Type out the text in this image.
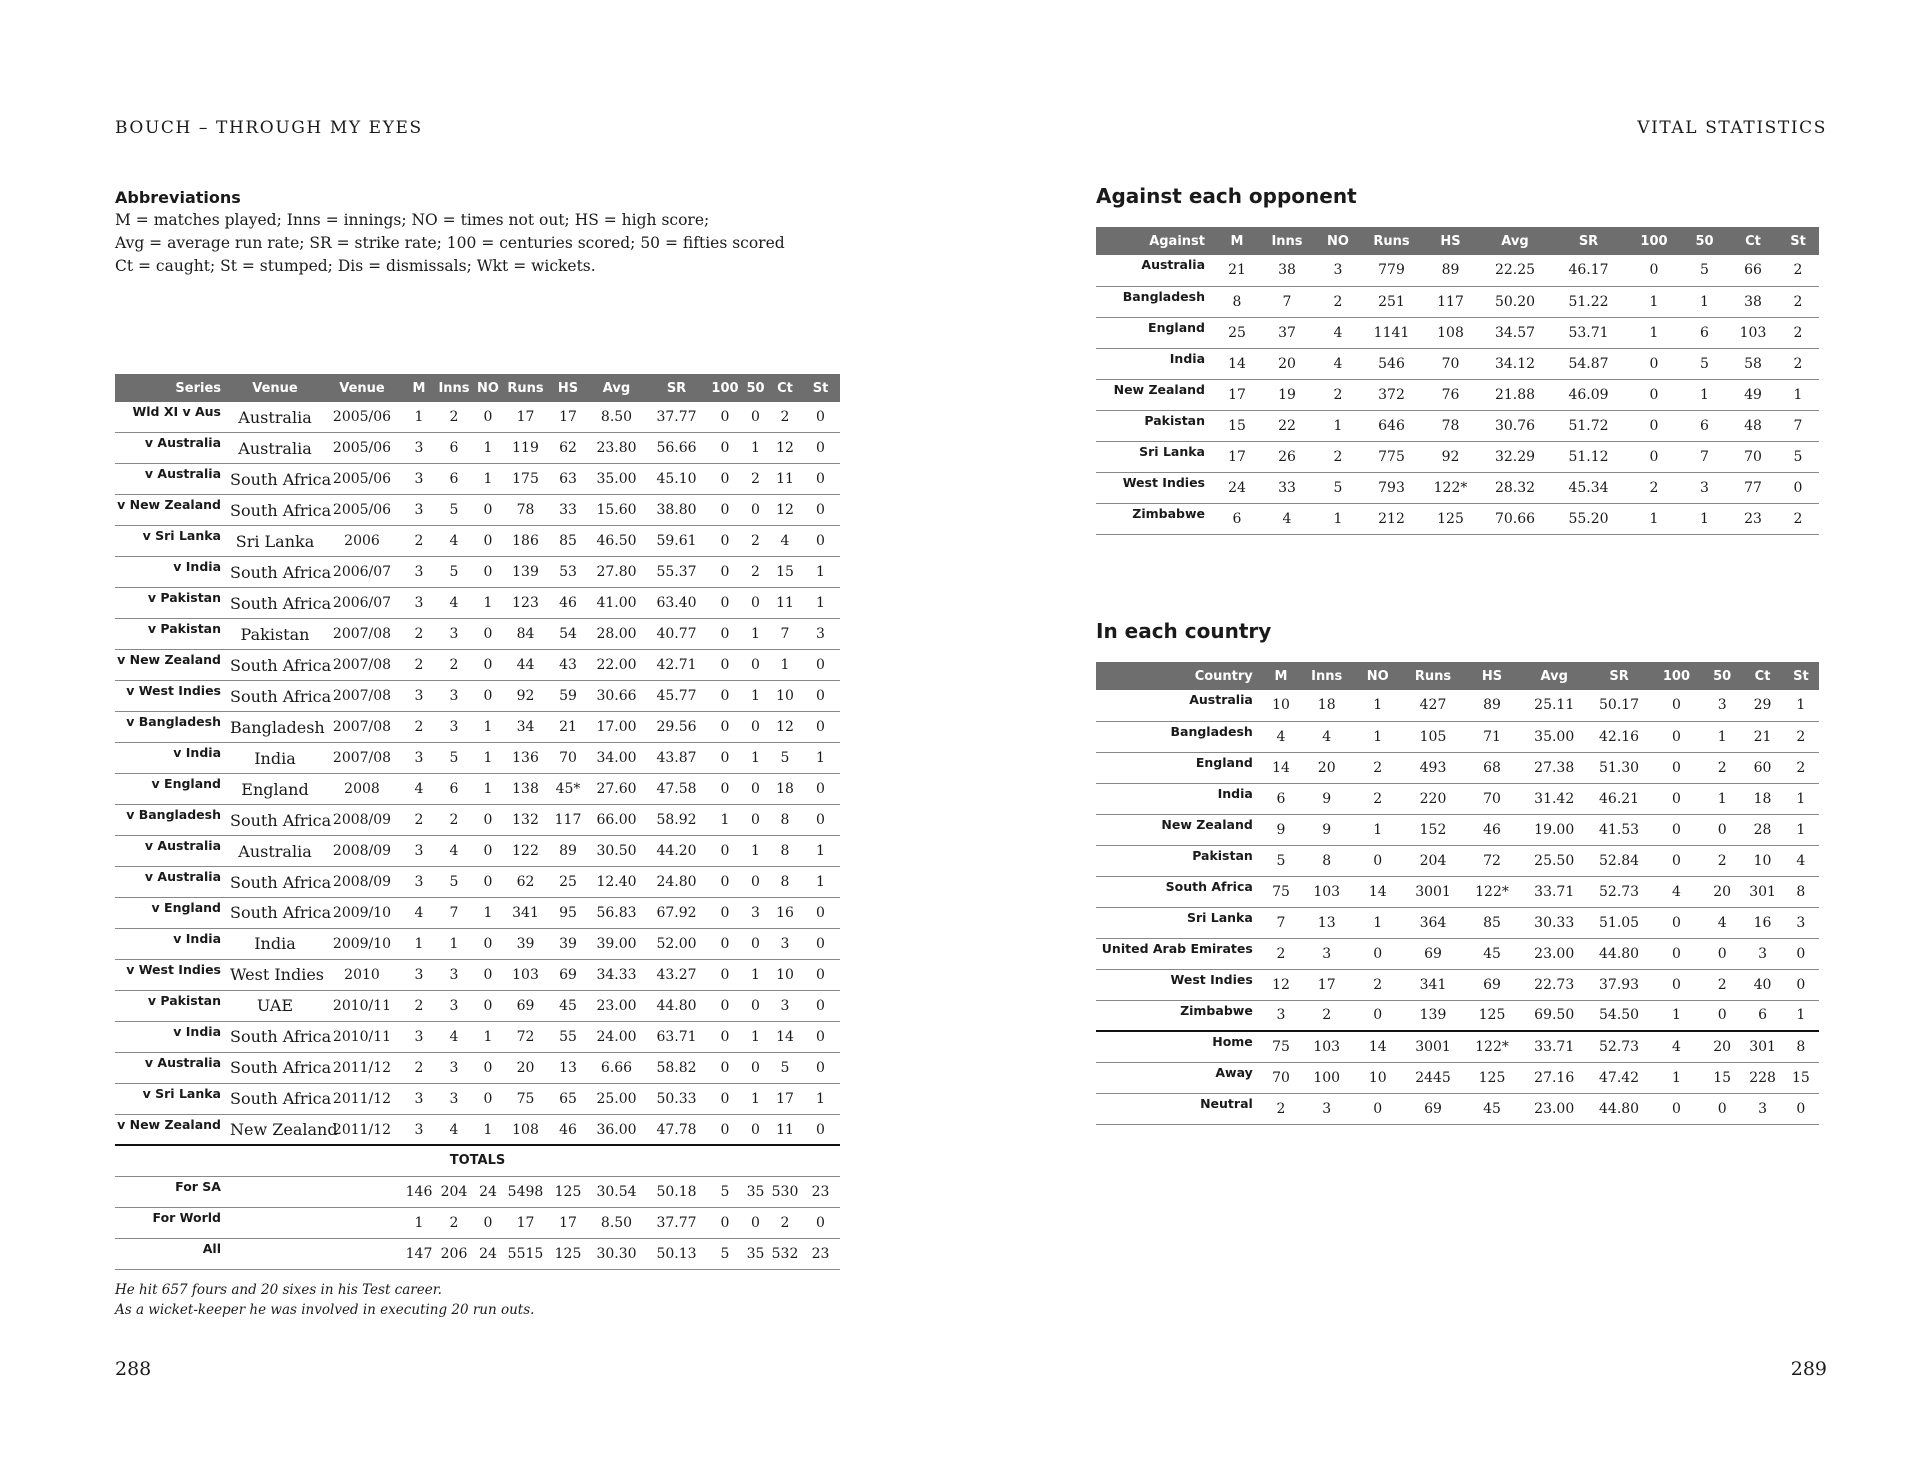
BOUCH – THROUGH MY EYES
Abbreviations

M = matches played; Inns = innings; NO = times not out; HS = high score;

Avg = average run rate; SR = strike rate; 100 = centuries scored; 50 = fifties scored

Ct = caught; St = stumped; Dis = dismissals; Wkt = wickets.

Series	Venue	Venue	M	Inns	NO	Runs	HS	Avg	SR	100	50	Ct	St
Wld XI v Aus	Australia	2005/06	1	2	0	17	17	8.50	37.77	0	0	2	0
v Australia	Australia	2005/06	3	6	1	119	62	23.80	56.66	0	1	12	0
v Australia	South Africa	2005/06	3	6	1	175	63	35.00	45.10	0	2	11	0
v New Zealand	South Africa	2005/06	3	5	0	78	33	15.60	38.80	0	0	12	0
v Sri Lanka	Sri Lanka	2006	2	4	0	186	85	46.50	59.61	0	2	4	0
v India	South Africa	2006/07	3	5	0	139	53	27.80	55.37	0	2	15	1
v Pakistan	South Africa	2006/07	3	4	1	123	46	41.00	63.40	0	0	11	1
v Pakistan	Pakistan	2007/08	2	3	0	84	54	28.00	40.77	0	1	7	3
v New Zealand	South Africa	2007/08	2	2	0	44	43	22.00	42.71	0	0	1	0
v West Indies	South Africa	2007/08	3	3	0	92	59	30.66	45.77	0	1	10	0
v Bangladesh	Bangladesh	2007/08	2	3	1	34	21	17.00	29.56	0	0	12	0
v India	India	2007/08	3	5	1	136	70	34.00	43.87	0	1	5	1
v England	England	2008	4	6	1	138	45*	27.60	47.58	0	0	18	0
v Bangladesh	South Africa	2008/09	2	2	0	132	117	66.00	58.92	1	0	8	0
v Australia	Australia	2008/09	3	4	0	122	89	30.50	44.20	0	1	8	1
v Australia	South Africa	2008/09	3	5	0	62	25	12.40	24.80	0	0	8	1
v England	South Africa	2009/10	4	7	1	341	95	56.83	67.92	0	3	16	0
v India	India	2009/10	1	1	0	39	39	39.00	52.00	0	0	3	0
v West Indies	West Indies	2010	3	3	0	103	69	34.33	43.27	0	1	10	0
v Pakistan	UAE	2010/11	2	3	0	69	45	23.00	44.80	0	0	3	0
v India	South Africa	2010/11	3	4	1	72	55	24.00	63.71	0	1	14	0
v Australia	South Africa	2011/12	2	3	0	20	13	6.66	58.82	0	0	5	0
v Sri Lanka	South Africa	2011/12	3	3	0	75	65	25.00	50.33	0	1	17	1
v New Zealand	New Zealand	2011/12	3	4	1	108	46	36.00	47.78	0	0	11	0
TOTALS													
For SA			146	204	24	5498	125	30.54	50.18	5	35	530	23
For World			1	2	0	17	17	8.50	37.77	0	0	2	0
All			147	206	24	5515	125	30.30	50.13	5	35	532	23

He hit 657 fours and 20 sixes in his Test career.

As a wicket-keeper he was involved in executing 20 run outs.

288
VITAL STATISTICS
Against each opponent
Against	M	Inns	NO	Runs	HS	Avg	SR	100	50	Ct	St
Australia	21	38	3	779	89	22.25	46.17	0	5	66	2
Bangladesh	8	7	2	251	117	50.20	51.22	1	1	38	2
England	25	37	4	1141	108	34.57	53.71	1	6	103	2
India	14	20	4	546	70	34.12	54.87	0	5	58	2
New Zealand	17	19	2	372	76	21.88	46.09	0	1	49	1
Pakistan	15	22	1	646	78	30.76	51.72	0	6	48	7
Sri Lanka	17	26	2	775	92	32.29	51.12	0	7	70	5
West Indies	24	33	5	793	122*	28.32	45.34	2	3	77	0
Zimbabwe	6	4	1	212	125	70.66	55.20	1	1	23	2
In each country
Country	M	Inns	NO	Runs	HS	Avg	SR	100	50	Ct	St
Australia	10	18	1	427	89	25.11	50.17	0	3	29	1
Bangladesh	4	4	1	105	71	35.00	42.16	0	1	21	2
England	14	20	2	493	68	27.38	51.30	0	2	60	2
India	6	9	2	220	70	31.42	46.21	0	1	18	1
New Zealand	9	9	1	152	46	19.00	41.53	0	0	28	1
Pakistan	5	8	0	204	72	25.50	52.84	0	2	10	4
South Africa	75	103	14	3001	122*	33.71	52.73	4	20	301	8
Sri Lanka	7	13	1	364	85	30.33	51.05	0	4	16	3
United Arab Emirates	2	3	0	69	45	23.00	44.80	0	0	3	0
West Indies	12	17	2	341	69	22.73	37.93	0	2	40	0
Zimbabwe	3	2	0	139	125	69.50	54.50	1	0	6	1
Home	75	103	14	3001	122*	33.71	52.73	4	20	301	8
Away	70	100	10	2445	125	27.16	47.42	1	15	228	15
Neutral	2	3	0	69	45	23.00	44.80	0	0	3	0
289
